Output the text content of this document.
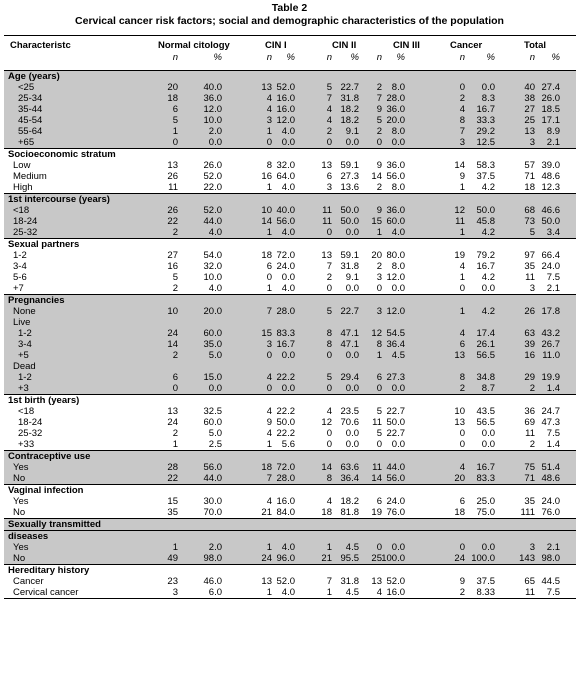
Table 2
Cervical cancer risk factors; social and demographic characteristics of the population
Characteristc	Normal citology	CIN I	CIN II	CIN III	Cancer	Total
n	%	n	%	n	%	n	%	n	%	n	%
Age (years)
<25	20	40.0	13 52.0	5 22.7	2	8.0	0	0.0	40 27.4
25-34	18	36.0	4 16.0	7 31.8	7 28.0	2	8.3	38 26.0
35-44	6	12.0	4 16.0	4 18.2	9 36.0	4	16.7	27 18.5
45-54	5	10.0	3 12.0	4 18.2	5 20.0	8	33.3	25 17.1
55-64	1	2.0	1	4.0	2	9.1	2	8.0	7	29.2	13	8.9
+65	0	0.0	0	0.0	0	0.0	0	0.0	3	12.5	3	2.1
Socioeconomic stratum
Low	13	26.0	8 32.0	13 59.1	9 36.0	14	58.3	57 39.0
Medium	26	52.0	16 64.0	6 27.3	14 56.0	9	37.5	71 48.6
High	11	22.0	1	4.0	3 13.6	2	8.0	1	4.2	18 12.3
1st intercourse (years)
<18	26	52.0	10 40.0	11 50.0	9 36.0	12	50.0	68 46.6
18-24	22	44.0	14 56.0	11 50.0	15 60.0	11	45.8	73 50.0
25-32	2	4.0	1	4.0	0	0.0	1	4.0	1	4.2	5	3.4
Sexual partners
1-2	27	54.0	18 72.0	13 59.1	20 80.0	19	79.2	97 66.4
3-4	16	32.0	6 24.0	7 31.8	2	8.0	4	16.7	35 24.0
5-6	5	10.0	0	0.0	2	9.1	3 12.0	1	4.2	11	7.5
+7	2	4.0	1	4.0	0	0.0	0	0.0	0	0.0	3	2.1
Pregnancies
None	10	20.0	7 28.0	5 22.7	3 12.0	1	4.2	26 17.8
Live
1-2	24	60.0	15 83.3	8 47.1	12 54.5	4	17.4	63 43.2
3-4	14	35.0	3 16.7	8 47.1	8 36.4	6	26.1	39 26.7
+5	2	5.0	0	0.0	0	0.0	1	4.5	13	56.5	16 11.0
Dead
1-2	6	15.0	4 22.2	5 29.4	6 27.3	8	34.8	29 19.9
+3	0	0.0	0	0.0	0	0.0	0	0.0	2	8.7	2	1.4
1st birth (years)
<18	13	32.5	4 22.2	4 23.5	5 22.7	10	43.5	36 24.7
18-24	24	60.0	9 50.0	12 70.6	11 50.0	13	56.5	69 47.3
25-32	2	5.0	4 22.2	0	0.0	5 22.7	0	0.0	11	7.5
+33	1	2.5	1	5.6	0	0.0	0	0.0	0	0.0	2	1.4
Contraceptive use
Yes	28	56.0	18 72.0	14 63.6	11 44.0	4	16.7	75 51.4
No	22	44.0	7 28.0	8 36.4	14 56.0	20	83.3	71 48.6
Vaginal infection
Yes	15	30.0	4 16.0	4 18.2	6 24.0	6	25.0	35 24.0
No	35	70.0	21 84.0	18 81.8	19 76.0	18	75.0	111 76.0
Sexually transmitted
diseases
Yes	1	2.0	1	4.0	1	4.5	0	0.0	0	0.0	3	2.1
No	49	98.0	24 96.0	21 95.5	25 100.0	24 100.0	143 98.0
Hereditary history
Cancer	23	46.0	13 52.0	7 31.8	13 52.0	9	37.5	65 44.5
Cervical cancer	3	6.0	1	4.0	1	4.5	4 16.0	2	8.33	11	7.5
